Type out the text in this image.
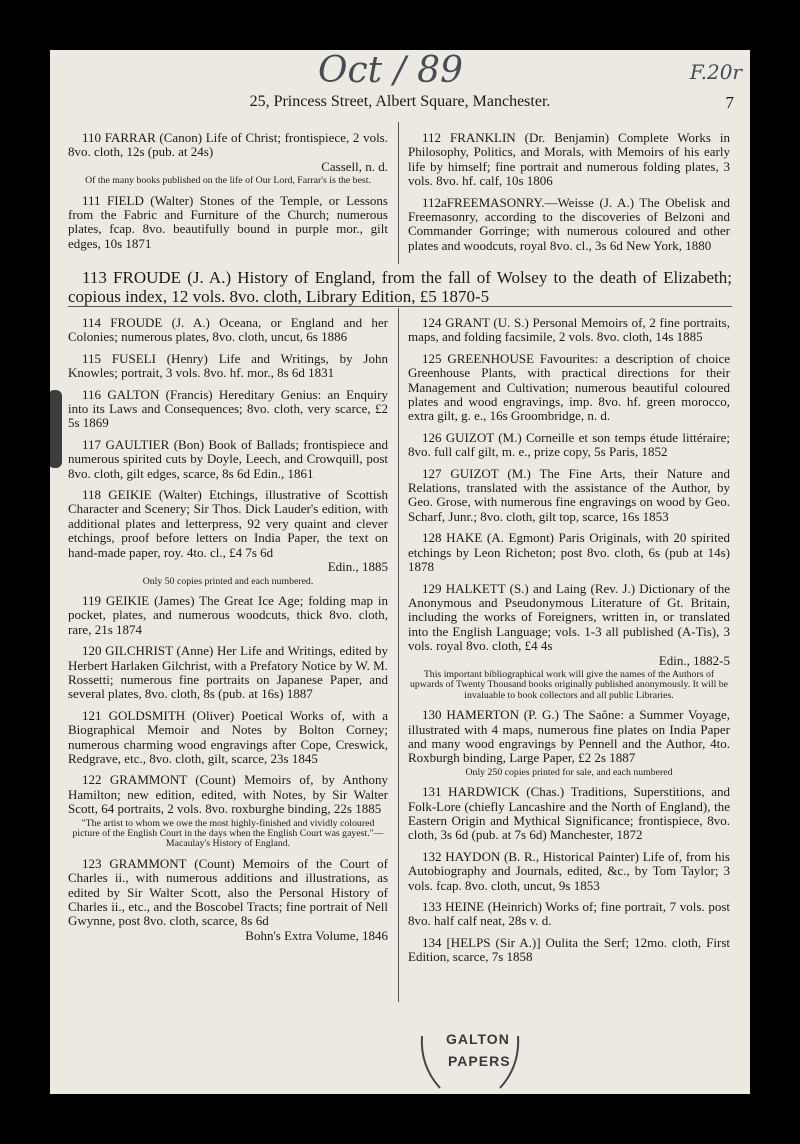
Oct / 89	F.20r
25, Princess Street, Albert Square, Manchester.	7

110 FARRAR (Canon) Life of Christ; frontispiece, 2 vols. 8vo. cloth, 12s (pub. at 24s)

Cassell, n. d.

Of the many books published on the life of Our Lord, Farrar's is the best.

111 FIELD (Walter) Stones of the Temple, or Lessons from the Fabric and Furniture of the Church; numerous plates, fcap. 8vo. beautifully bound in purple mor., gilt edges, 10s 1871

112 FRANKLIN (Dr. Benjamin) Complete Works in Philosophy, Politics, and Morals, with Memoirs of his early life by himself; fine portrait and numerous folding plates, 3 vols. 8vo. hf. calf, 10s 1806

112aFREEMASONRY.—Weisse (J. A.) The Obelisk and Freemasonry, according to the discoveries of Belzoni and Commander Gorringe; with numerous coloured and other plates and woodcuts, royal 8vo. cl., 3s 6d New York, 1880

113 FROUDE (J. A.) History of England, from the fall of Wolsey to the death of Elizabeth; copious index, 12 vols. 8vo. cloth, Library Edition, £5 1870-5

114 FROUDE (J. A.) Oceana, or England and her Colonies; numerous plates, 8vo. cloth, uncut, 6s 1886

115 FUSELI (Henry) Life and Writings, by John Knowles; portrait, 3 vols. 8vo. hf. mor., 8s 6d 1831

116 GALTON (Francis) Hereditary Genius: an Enquiry into its Laws and Consequences; 8vo. cloth, very scarce, £2 5s 1869

117 GAULTIER (Bon) Book of Ballads; frontispiece and numerous spirited cuts by Doyle, Leech, and Crowquill, post 8vo. cloth, gilt edges, scarce, 8s 6d Edin., 1861

118 GEIKIE (Walter) Etchings, illustrative of Scottish Character and Scenery; Sir Thos. Dick Lauder's edition, with additional plates and letterpress, 92 very quaint and clever etchings, proof before letters on India Paper, the text on hand-made paper, roy. 4to. cl., £4 7s 6d

Edin., 1885

Only 50 copies printed and each numbered.

119 GEIKIE (James) The Great Ice Age; folding map in pocket, plates, and numerous woodcuts, thick 8vo. cloth, rare, 21s 1874

120 GILCHRIST (Anne) Her Life and Writings, edited by Herbert Harlaken Gilchrist, with a Prefatory Notice by W. M. Rossetti; numerous fine portraits on Japanese Paper, and several plates, 8vo. cloth, 8s (pub. at 16s) 1887

121 GOLDSMITH (Oliver) Poetical Works of, with a Biographical Memoir and Notes by Bolton Corney; numerous charming wood engravings after Cope, Creswick, Redgrave, etc., 8vo. cloth, gilt, scarce, 23s 1845

122 GRAMMONT (Count) Memoirs of, by Anthony Hamilton; new edition, edited, with Notes, by Sir Walter Scott, 64 portraits, 2 vols. 8vo. roxburghe binding, 22s 1885

"The artist to whom we owe the most highly-finished and vividly coloured picture of the English Court in the days when the English Court was gayest."—Macaulay's History of England.

123 GRAMMONT (Count) Memoirs of the Court of Charles ii., with numerous additions and illustrations, as edited by Sir Walter Scott, also the Personal History of Charles ii., etc., and the Boscobel Tracts; fine portrait of Nell Gwynne, post 8vo. cloth, scarce, 8s 6d

Bohn's Extra Volume, 1846

124 GRANT (U. S.) Personal Memoirs of, 2 fine portraits, maps, and folding facsimile, 2 vols. 8vo. cloth, 14s 1885

125 GREENHOUSE Favourites: a description of choice Greenhouse Plants, with practical directions for their Management and Cultivation; numerous beautiful coloured plates and wood engravings, imp. 8vo. hf. green morocco, extra gilt, g. e., 16s Groombridge, n. d.

126 GUIZOT (M.) Corneille et son temps étude littéraire; 8vo. full calf gilt, m. e., prize copy, 5s Paris, 1852

127 GUIZOT (M.) The Fine Arts, their Nature and Relations, translated with the assistance of the Author, by Geo. Grose, with numerous fine engravings on wood by Geo. Scharf, Junr.; 8vo. cloth, gilt top, scarce, 16s 1853

128 HAKE (A. Egmont) Paris Originals, with 20 spirited etchings by Leon Richeton; post 8vo. cloth, 6s (pub at 14s) 1878

129 HALKETT (S.) and Laing (Rev. J.) Dictionary of the Anonymous and Pseudonymous Literature of Gt. Britain, including the works of Foreigners, written in, or translated into the English Language; vols. 1-3 all published (A-Tis), 3 vols. royal 8vo. cloth, £4 4s

Edin., 1882-5

This important bibliographical work will give the names of the Authors of upwards of Twenty Thousand books originally published anonymously. It will be invaluable to book collectors and all public Libraries.

130 HAMERTON (P. G.) The Saône: a Summer Voyage, illustrated with 4 maps, numerous fine plates on India Paper and many wood engravings by Pennell and the Author, 4to. Roxburgh binding, Large Paper, £2 2s 1887

Only 250 copies printed for sale, and each numbered

131 HARDWICK (Chas.) Traditions, Superstitions, and Folk-Lore (chiefly Lancashire and the North of England), the Eastern Origin and Mythical Significance; frontispiece, 8vo. cloth, 3s 6d (pub. at 7s 6d) Manchester, 1872

132 HAYDON (B. R., Historical Painter) Life of, from his Autobiography and Journals, edited, &c., by Tom Taylor; 3 vols. fcap. 8vo. cloth, uncut, 9s 1853

133 HEINE (Heinrich) Works of; fine portrait, 7 vols. post 8vo. half calf neat, 28s v. d.

134 [HELPS (Sir A.)] Oulita the Serf; 12mo. cloth, First Edition, scarce, 7s 1858

GALTON
PAPERS
